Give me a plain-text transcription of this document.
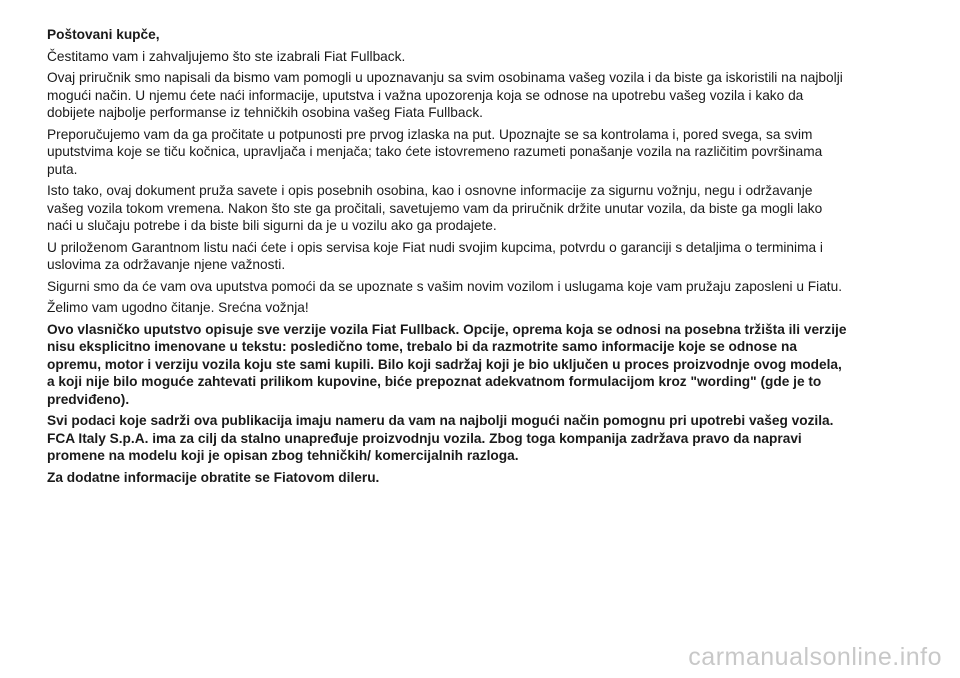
Poštovani kupče,

Čestitamo vam i zahvaljujemo što ste izabrali Fiat Fullback.

Ovaj priručnik smo napisali da bismo vam pomogli u upoznavanju sa svim osobinama vašeg vozila i da biste ga iskoristili na najbolji mogući način. U njemu ćete naći informacije, uputstva i važna upozorenja koja se odnose na upotrebu vašeg vozila i kako da dobijete najbolje performanse iz tehničkih osobina vašeg Fiata Fullback.

Preporučujemo vam da ga pročitate u potpunosti pre prvog izlaska na put. Upoznajte se sa kontrolama i, pored svega, sa svim uputstvima koje se tiču kočnica, upravljača i menjača; tako ćete istovremeno razumeti ponašanje vozila na različitim površinama puta.

Isto tako, ovaj dokument pruža savete i opis posebnih osobina, kao i osnovne informacije za sigurnu vožnju, negu i održavanje vašeg vozila tokom vremena. Nakon što ste ga pročitali, savetujemo vam da priručnik držite unutar vozila, da biste ga mogli lako naći u slučaju potrebe i da biste bili sigurni da je u vozilu ako ga prodajete.

U priloženom Garantnom listu naći ćete i opis servisa koje Fiat nudi svojim kupcima, potvrdu o garanciji s detaljima o terminima i uslovima za održavanje njene važnosti.

Sigurni smo da će vam ova uputstva pomoći da se upoznate s vašim novim vozilom i uslugama koje vam pružaju zaposleni u Fiatu.

Želimo vam ugodno čitanje. Srećna vožnja!

Ovo vlasničko uputstvo opisuje sve verzije vozila Fiat Fullback. Opcije, oprema koja se odnosi na posebna tržišta ili verzije nisu eksplicitno imenovane u tekstu: posledično tome, trebalo bi da razmotrite samo informacije koje se odnose na opremu, motor i verziju vozila koju ste sami kupili. Bilo koji sadržaj koji je bio uključen u proces proizvodnje ovog modela, a koji nije bilo moguće zahtevati prilikom kupovine, biće prepoznat adekvatnom formulacijom kroz "wording" (gde je to predviđeno).

Svi podaci koje sadrži ova publikacija imaju nameru da vam na najbolji mogući način pomognu pri upotrebi vašeg vozila. FCA Italy S.p.A. ima za cilj da stalno unapređuje proizvodnju vozila. Zbog toga kompanija zadržava pravo da napravi promene na modelu koji je opisan zbog tehničkih/ komercijalnih razloga.

Za dodatne informacije obratite se Fiatovom dileru.

carmanualsonline.info
